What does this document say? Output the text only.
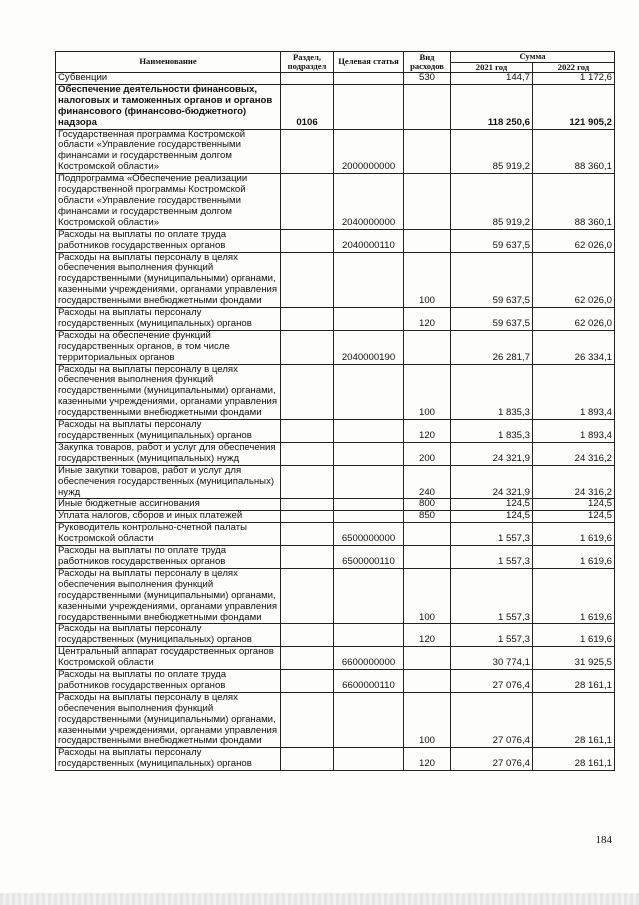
Наименование	Раздел, подраздел	Целевая статья	Вид расходов	Сумма	
				2021 год	2022 год
Субвенции			530	144,7	1 172,6
Обеспечение деятельности финансовых, налоговых и таможенных органов и органов финансового (финансово-бюджетного) надзора	0106			118 250,6	121 905,2
Государственная программа Костромской области «Управление государственными финансами и государственным долгом Костромской области»		2000000000		85 919,2	88 360,1
Подпрограмма «Обеспечение реализации государственной программы Костромской области «Управление государственными финансами и государственным долгом Костромской области»		2040000000		85 919,2	88 360,1
Расходы на выплаты по оплате труда работников государственных органов		2040000110		59 637,5	62 026,0
Расходы на выплаты персоналу в целях обеспечения выполнения функций государственными (муниципальными) органами, казенными учреждениями, органами управления государственными внебюджетными фондами			100	59 637,5	62 026,0
Расходы на выплаты персоналу государственных (муниципальных) органов			120	59 637,5	62 026,0
Расходы на обеспечение функций государственных органов, в том числе территориальных органов		2040000190		26 281,7	26 334,1
Расходы на выплаты персоналу в целях обеспечения выполнения функций государственными (муниципальными) органами, казенными учреждениями, органами управления государственными внебюджетными фондами			100	1 835,3	1 893,4
Расходы на выплаты персоналу государственных (муниципальных) органов			120	1 835,3	1 893,4
Закупка товаров, работ и услуг для обеспечения государственных (муниципальных) нужд			200	24 321,9	24 316,2
Иные закупки товаров, работ и услуг для обеспечения государственных (муниципальных) нужд			240	24 321,9	24 316,2
Иные бюджетные ассигнования			800	124,5	124,5
Уплата налогов, сборов и иных платежей			850	124,5	124,5
Руководитель контрольно-счетной палаты Костромской области		6500000000		1 557,3	1 619,6
Расходы на выплаты по оплате труда работников государственных органов		6500000110		1 557,3	1 619,6
Расходы на выплаты персоналу в целях обеспечения выполнения функций государственными (муниципальными) органами, казенными учреждениями, органами управления государственными внебюджетными фондами			100	1 557,3	1 619,6
Расходы на выплаты персоналу государственных (муниципальных) органов			120	1 557,3	1 619,6
Центральный аппарат государственных органов Костромской области		6600000000		30 774,1	31 925,5
Расходы на выплаты по оплате труда работников государственных органов		6600000110		27 076,4	28 161,1
Расходы на выплаты персоналу в целях обеспечения выполнения функций государственными (муниципальными) органами, казенными учреждениями, органами управления государственными внебюджетными фондами			100	27 076,4	28 161,1
Расходы на выплаты персоналу государственных (муниципальных) органов			120	27 076,4	28 161,1
184
